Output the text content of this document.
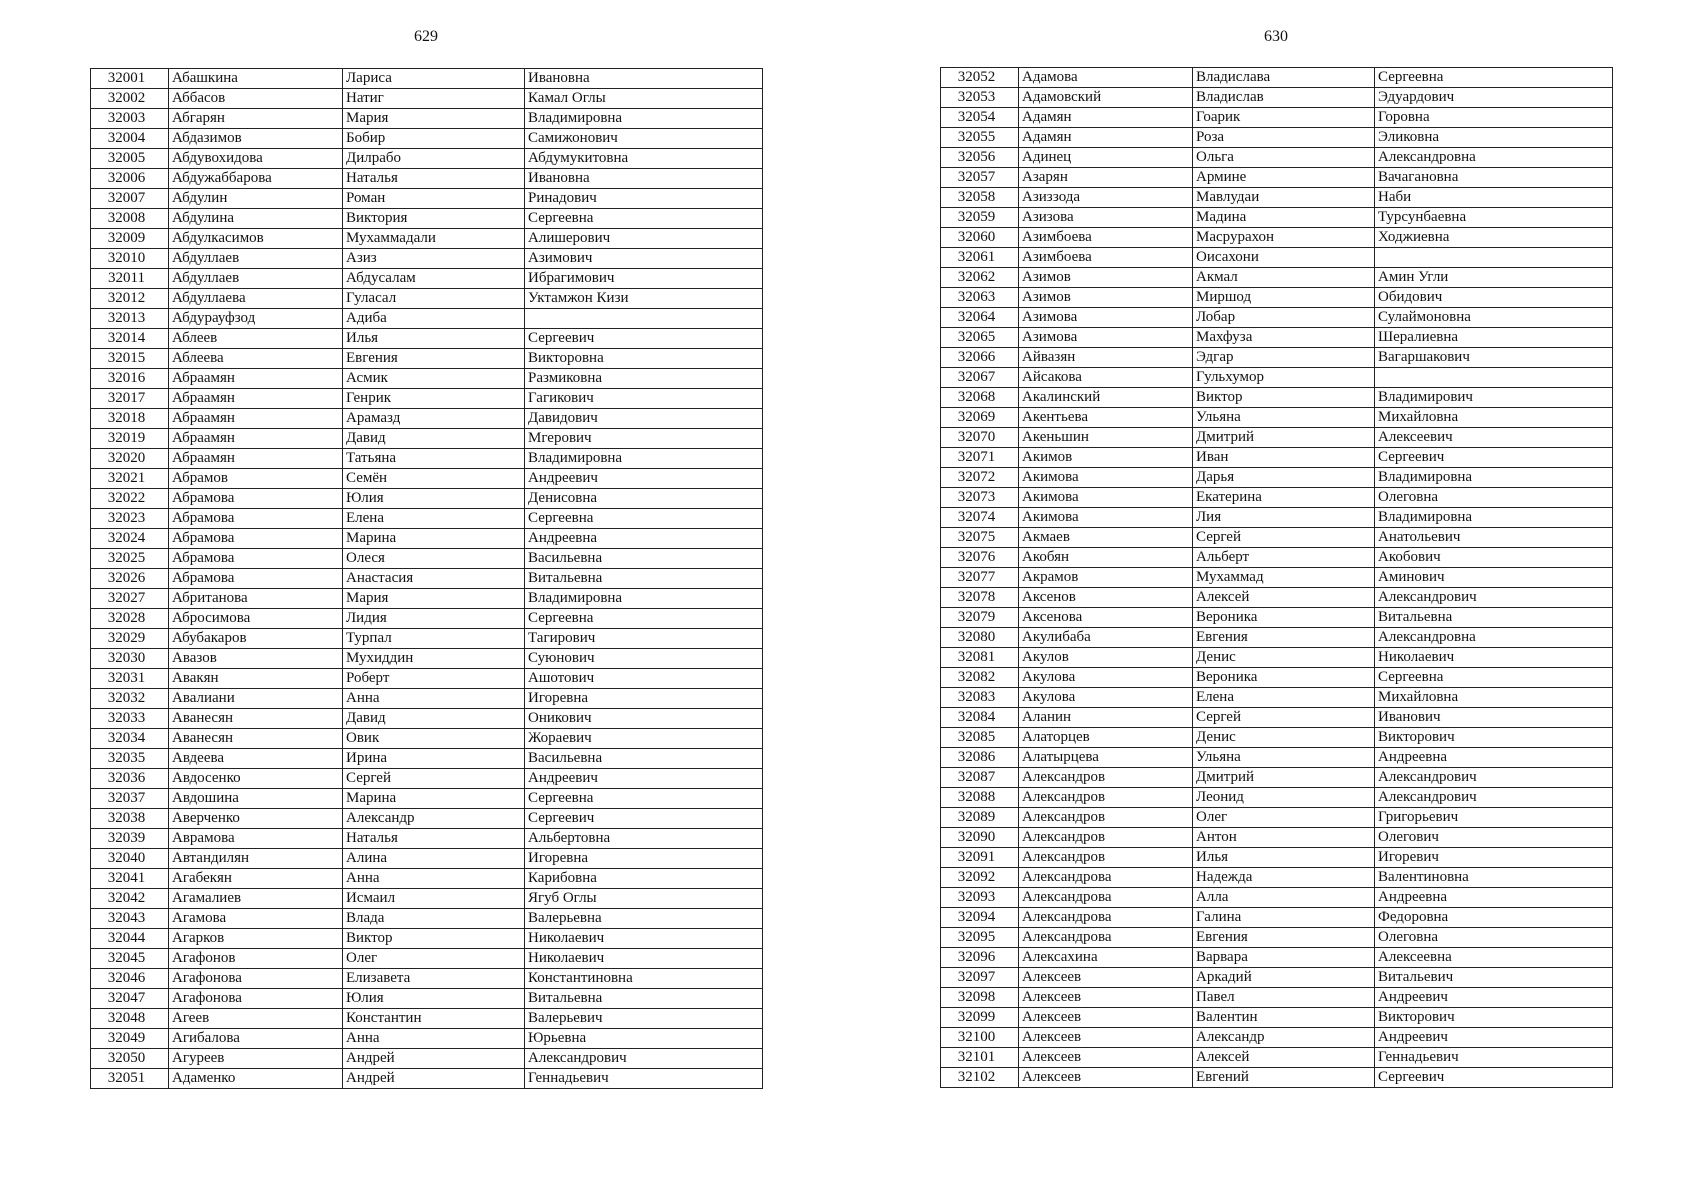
629
32001	Абашкина	Лариса	Ивановна
32002	Аббасов	Натиг	Камал Оглы
32003	Абгарян	Мария	Владимировна
32004	Абдазимов	Бобир	Самижонович
32005	Абдувохидова	Дилрабо	Абдумукитовна
32006	Абдужаббарова	Наталья	Ивановна
32007	Абдулин	Роман	Ринадович
32008	Абдулина	Виктория	Сергеевна
32009	Абдулкасимов	Мухаммадали	Алишерович
32010	Абдуллаев	Азиз	Азимович
32011	Абдуллаев	Абдусалам	Ибрагимович
32012	Абдуллаева	Гуласал	Уктамжон Кизи
32013	Абдурауфзод	Адиба	
32014	Аблеев	Илья	Сергеевич
32015	Аблеева	Евгения	Викторовна
32016	Абраамян	Асмик	Размиковна
32017	Абраамян	Генрик	Гагикович
32018	Абраамян	Арамазд	Давидович
32019	Абраамян	Давид	Мгерович
32020	Абраамян	Татьяна	Владимировна
32021	Абрамов	Семён	Андреевич
32022	Абрамова	Юлия	Денисовна
32023	Абрамова	Елена	Сергеевна
32024	Абрамова	Марина	Андреевна
32025	Абрамова	Олеся	Васильевна
32026	Абрамова	Анастасия	Витальевна
32027	Абританова	Мария	Владимировна
32028	Абросимова	Лидия	Сергеевна
32029	Абубакаров	Турпал	Тагирович
32030	Авазов	Мухиддин	Суюнович
32031	Авакян	Роберт	Ашотович
32032	Авалиани	Анна	Игоревна
32033	Аванесян	Давид	Оникович
32034	Аванесян	Овик	Жораевич
32035	Авдеева	Ирина	Васильевна
32036	Авдосенко	Сергей	Андреевич
32037	Авдошина	Марина	Сергеевна
32038	Аверченко	Александр	Сергеевич
32039	Аврамова	Наталья	Альбертовна
32040	Автандилян	Алина	Игоревна
32041	Агабекян	Анна	Карибовна
32042	Агамалиев	Исмаил	Ягуб Оглы
32043	Агамова	Влада	Валерьевна
32044	Агарков	Виктор	Николаевич
32045	Агафонов	Олег	Николаевич
32046	Агафонова	Елизавета	Константиновна
32047	Агафонова	Юлия	Витальевна
32048	Агеев	Константин	Валерьевич
32049	Агибалова	Анна	Юрьевна
32050	Агуреев	Андрей	Александрович
32051	Адаменко	Андрей	Геннадьевич
630
32052	Адамова	Владислава	Сергеевна
32053	Адамовский	Владислав	Эдуардович
32054	Адамян	Гоарик	Горовна
32055	Адамян	Роза	Эликовна
32056	Адинец	Ольга	Александровна
32057	Азарян	Армине	Вачагановна
32058	Азиззода	Мавлудаи	Наби
32059	Азизова	Мадина	Турсунбаевна
32060	Азимбоева	Масрурахон	Ходжиевна
32061	Азимбоева	Оисахони	
32062	Азимов	Акмал	Амин Угли
32063	Азимов	Миршод	Обидович
32064	Азимова	Лобар	Сулаймоновна
32065	Азимова	Махфуза	Шералиевна
32066	Айвазян	Эдгар	Вагаршакович
32067	Айсакова	Гульхумор	
32068	Акалинский	Виктор	Владимирович
32069	Акентьева	Ульяна	Михайловна
32070	Акеньшин	Дмитрий	Алексеевич
32071	Акимов	Иван	Сергеевич
32072	Акимова	Дарья	Владимировна
32073	Акимова	Екатерина	Олеговна
32074	Акимова	Лия	Владимировна
32075	Акмаев	Сергей	Анатольевич
32076	Акобян	Альберт	Акобович
32077	Акрамов	Мухаммад	Аминович
32078	Аксенов	Алексей	Александрович
32079	Аксенова	Вероника	Витальевна
32080	Акулибаба	Евгения	Александровна
32081	Акулов	Денис	Николаевич
32082	Акулова	Вероника	Сергеевна
32083	Акулова	Елена	Михайловна
32084	Аланин	Сергей	Иванович
32085	Алаторцев	Денис	Викторович
32086	Алатырцева	Ульяна	Андреевна
32087	Александров	Дмитрий	Александрович
32088	Александров	Леонид	Александрович
32089	Александров	Олег	Григорьевич
32090	Александров	Антон	Олегович
32091	Александров	Илья	Игоревич
32092	Александрова	Надежда	Валентиновна
32093	Александрова	Алла	Андреевна
32094	Александрова	Галина	Федоровна
32095	Александрова	Евгения	Олеговна
32096	Алексахина	Варвара	Алексеевна
32097	Алексеев	Аркадий	Витальевич
32098	Алексеев	Павел	Андреевич
32099	Алексеев	Валентин	Викторович
32100	Алексеев	Александр	Андреевич
32101	Алексеев	Алексей	Геннадьевич
32102	Алексеев	Евгений	Сергеевич
